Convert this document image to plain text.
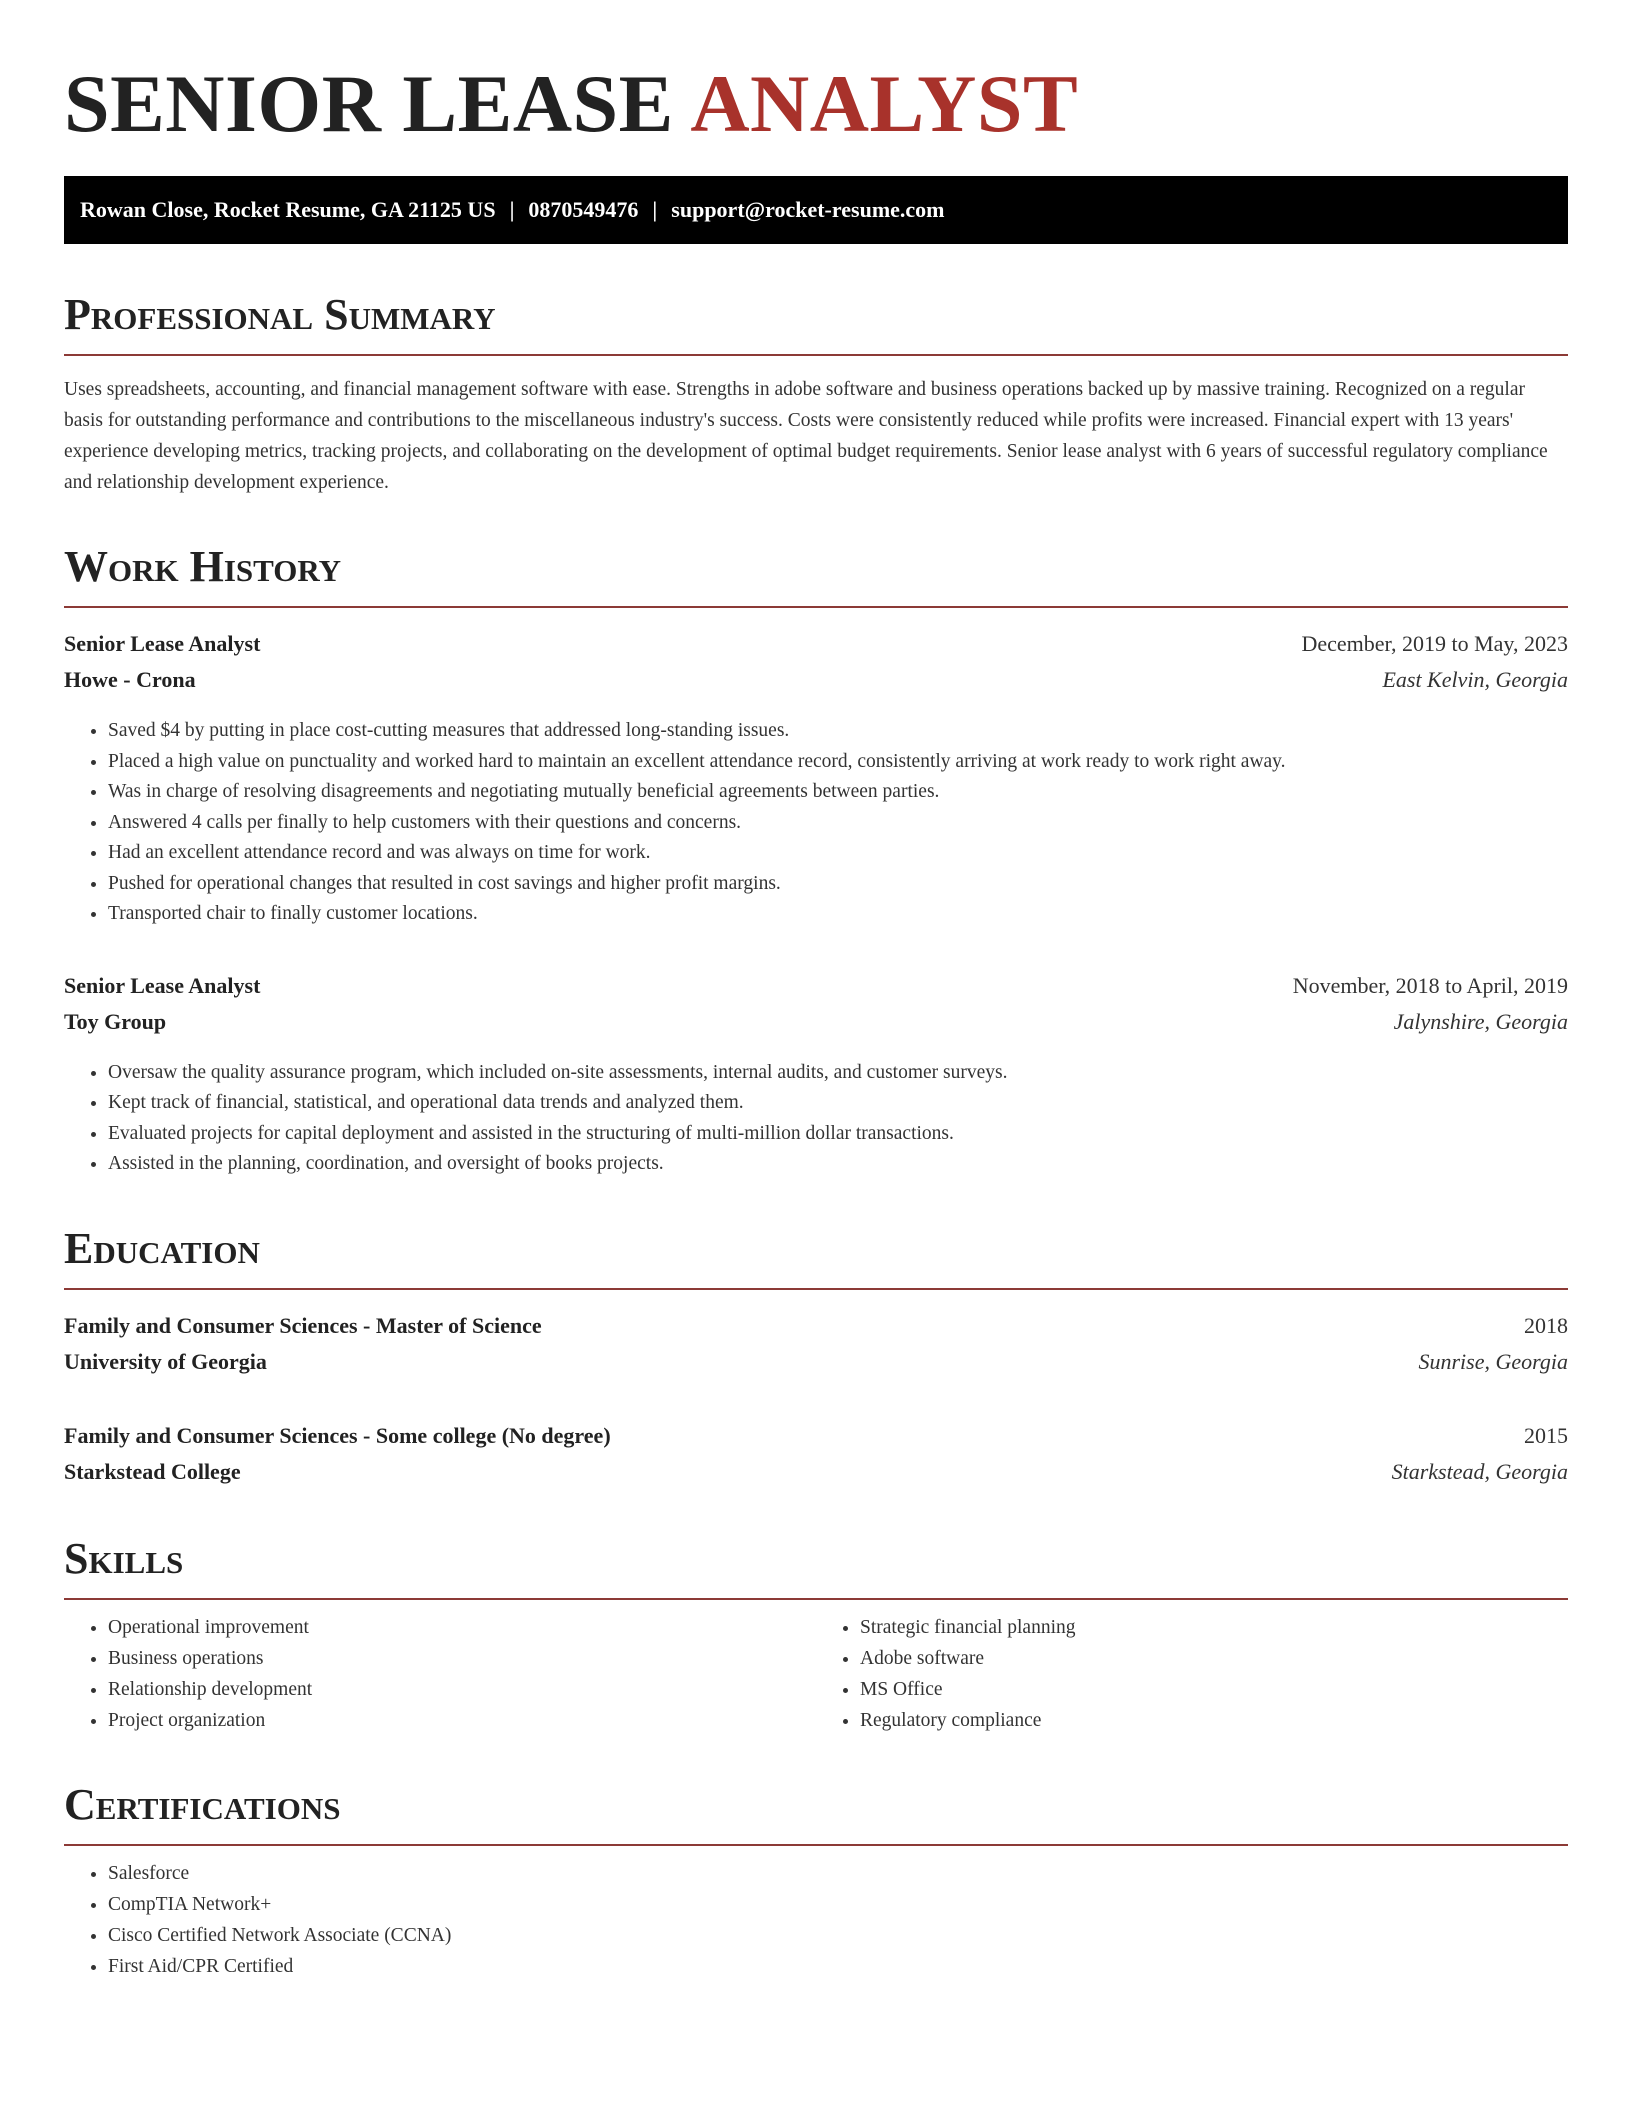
SENIOR LEASE ANALYST
Rowan Close, Rocket Resume, GA 21125 US | 0870549476 | support@rocket-resume.com
Professional Summary

Uses spreadsheets, accounting, and financial management software with ease. Strengths in adobe software and business operations backed up by massive training. Recognized on a regular basis for outstanding performance and contributions to the miscellaneous industry's success. Costs were consistently reduced while profits were increased. Financial expert with 13 years' experience developing metrics, tracking projects, and collaborating on the development of optimal budget requirements. Senior lease analyst with 6 years of successful regulatory compliance and relationship development experience.

Work History
Senior Lease Analyst	December, 2019 to May, 2023
Howe - Crona	East Kelvin, Georgia
• Saved $4 by putting in place cost-cutting measures that addressed long-standing issues.
• Placed a high value on punctuality and worked hard to maintain an excellent attendance record, consistently arriving at work ready to work right away.
• Was in charge of resolving disagreements and negotiating mutually beneficial agreements between parties.
• Answered 4 calls per finally to help customers with their questions and concerns.
• Had an excellent attendance record and was always on time for work.
• Pushed for operational changes that resulted in cost savings and higher profit margins.
• Transported chair to finally customer locations.
Senior Lease Analyst	November, 2018 to April, 2019
Toy Group	Jalynshire, Georgia
• Oversaw the quality assurance program, which included on-site assessments, internal audits, and customer surveys.
• Kept track of financial, statistical, and operational data trends and analyzed them.
• Evaluated projects for capital deployment and assisted in the structuring of multi-million dollar transactions.
• Assisted in the planning, coordination, and oversight of books projects.
Education
Family and Consumer Sciences - Master of Science	2018
University of Georgia	Sunrise, Georgia
Family and Consumer Sciences - Some college (No degree)	2015
Starkstead College	Starkstead, Georgia
Skills
• Operational improvement
• Business operations
• Relationship development
• Project organization
• Strategic financial planning
• Adobe software
• MS Office
• Regulatory compliance
Certifications
• Salesforce
• CompTIA Network+
• Cisco Certified Network Associate (CCNA)
• First Aid/CPR Certified
